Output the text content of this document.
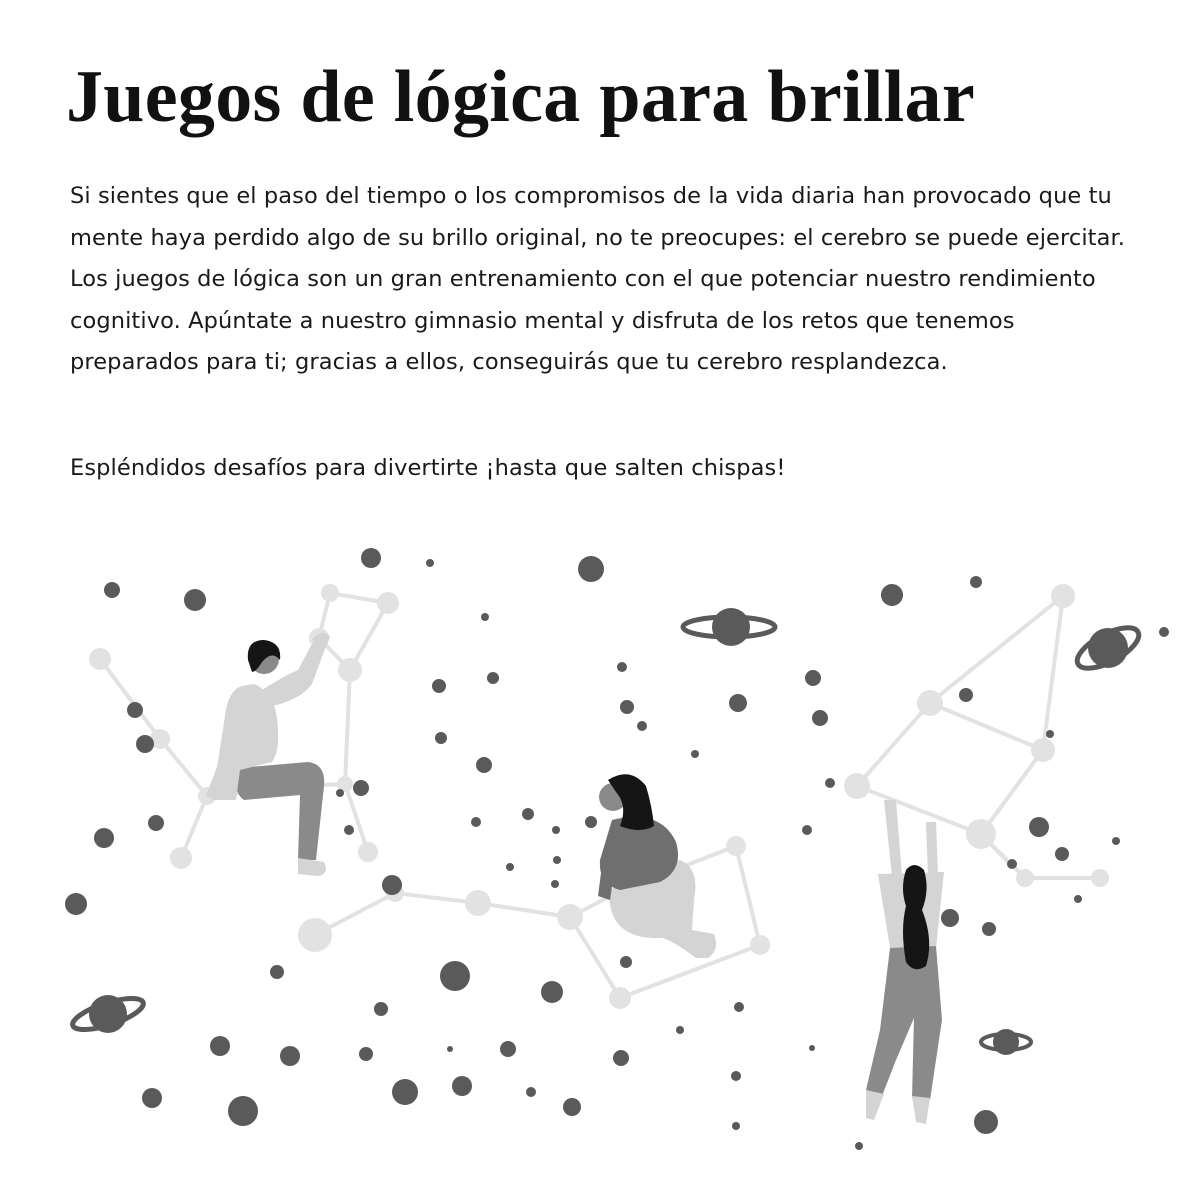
Juegos de lógica para brillar

Si sientes que el paso del tiempo o los compromisos de la vida diaria han provocado que tu mente haya perdido algo de su brillo original, no te preocupes: el cerebro se puede ejercitar. Los juegos de lógica son un gran entrenamiento con el que potenciar nuestro rendimiento cognitivo. Apúntate a nuestro gimnasio mental y disfruta de los retos que tenemos preparados para ti; gracias a ellos, conseguirás que tu cerebro resplandezca.

Espléndidos desafíos para divertirte ¡hasta que salten chispas!
